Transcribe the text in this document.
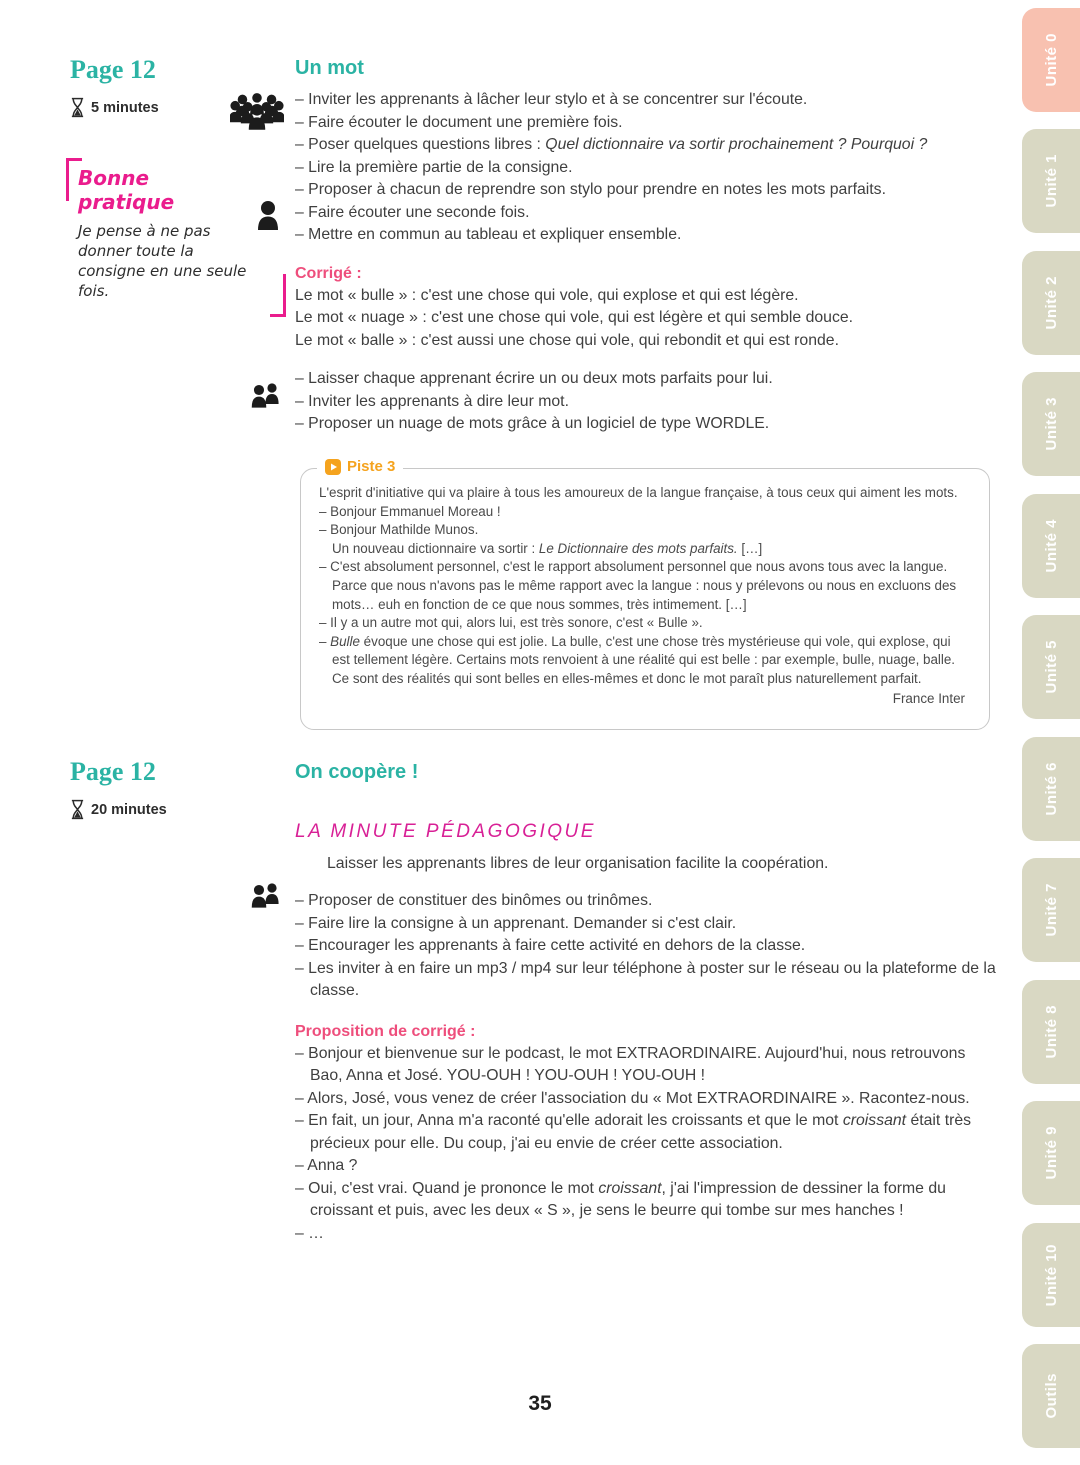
Page 12
5 minutes
Bonne pratique
Je pense à ne pas donner toute la consigne en une seule fois.
Un mot

– Inviter les apprenants à lâcher leur stylo et à se concentrer sur l'écoute.

– Faire écouter le document une première fois.

– Poser quelques questions libres : Quel dictionnaire va sortir prochainement ? Pourquoi ?

– Lire la première partie de la consigne.

– Proposer à chacun de reprendre son stylo pour prendre en notes les mots parfaits.

– Faire écouter une seconde fois.

– Mettre en commun au tableau et expliquer ensemble.

Corrigé :

Le mot « bulle » : c'est une chose qui vole, qui explose et qui est légère.

Le mot « nuage » : c'est une chose qui vole, qui est légère et qui semble douce.

Le mot « balle » : c'est aussi une chose qui vole, qui rebondit et qui est ronde.

– Laisser chaque apprenant écrire un ou deux mots parfaits pour lui.

– Inviter les apprenants à dire leur mot.

– Proposer un nuage de mots grâce à un logiciel de type WORDLE.

Piste 3

L'esprit d'initiative qui va plaire à tous les amoureux de la langue française, à tous ceux qui aiment les mots.

– Bonjour Emmanuel Moreau !

– Bonjour Mathilde Munos.

Un nouveau dictionnaire va sortir : Le Dictionnaire des mots parfaits. […]

– C'est absolument personnel, c'est le rapport absolument personnel que nous avons tous avec la langue. Parce que nous n'avons pas le même rapport avec la langue : nous y prélevons ou nous en excluons des mots… euh en fonction de ce que nous sommes, très intimement. […]

– Il y a un autre mot qui, alors lui, est très sonore, c'est « Bulle ».

– Bulle évoque une chose qui est jolie. La bulle, c'est une chose très mystérieuse qui vole, qui explose, qui est tellement légère. Certains mots renvoient à une réalité qui est belle : par exemple, bulle, nuage, balle. Ce sont des réalités qui sont belles en elles-mêmes et donc le mot paraît plus naturellement parfait.

France Inter

Page 12
20 minutes
On coopère !
LA MINUTE PÉDAGOGIQUE

Laisser les apprenants libres de leur organisation facilite la coopération.

– Proposer de constituer des binômes ou trinômes.

– Faire lire la consigne à un apprenant. Demander si c'est clair.

– Encourager les apprenants à faire cette activité en dehors de la classe.

– Les inviter à en faire un mp3 / mp4 sur leur téléphone à poster sur le réseau ou la plateforme de la classe.

Proposition de corrigé :

– Bonjour et bienvenue sur le podcast, le mot EXTRAORDINAIRE. Aujourd'hui, nous retrouvons Bao, Anna et José. YOU-OUH ! YOU-OUH ! YOU-OUH !

– Alors, José, vous venez de créer l'association du « Mot EXTRAORDINAIRE ». Racontez-nous.

– En fait, un jour, Anna m'a raconté qu'elle adorait les croissants et que le mot croissant était très précieux pour elle. Du coup, j'ai eu envie de créer cette association.

– Anna ?

– Oui, c'est vrai. Quand je prononce le mot croissant, j'ai l'impression de dessiner la forme du croissant et puis, avec les deux « S », je sens le beurre qui tombe sur mes hanches !

– …

35
Unité 0
Unité 1
Unité 2
Unité 3
Unité 4
Unité 5
Unité 6
Unité 7
Unité 8
Unité 9
Unité 10
Outils
